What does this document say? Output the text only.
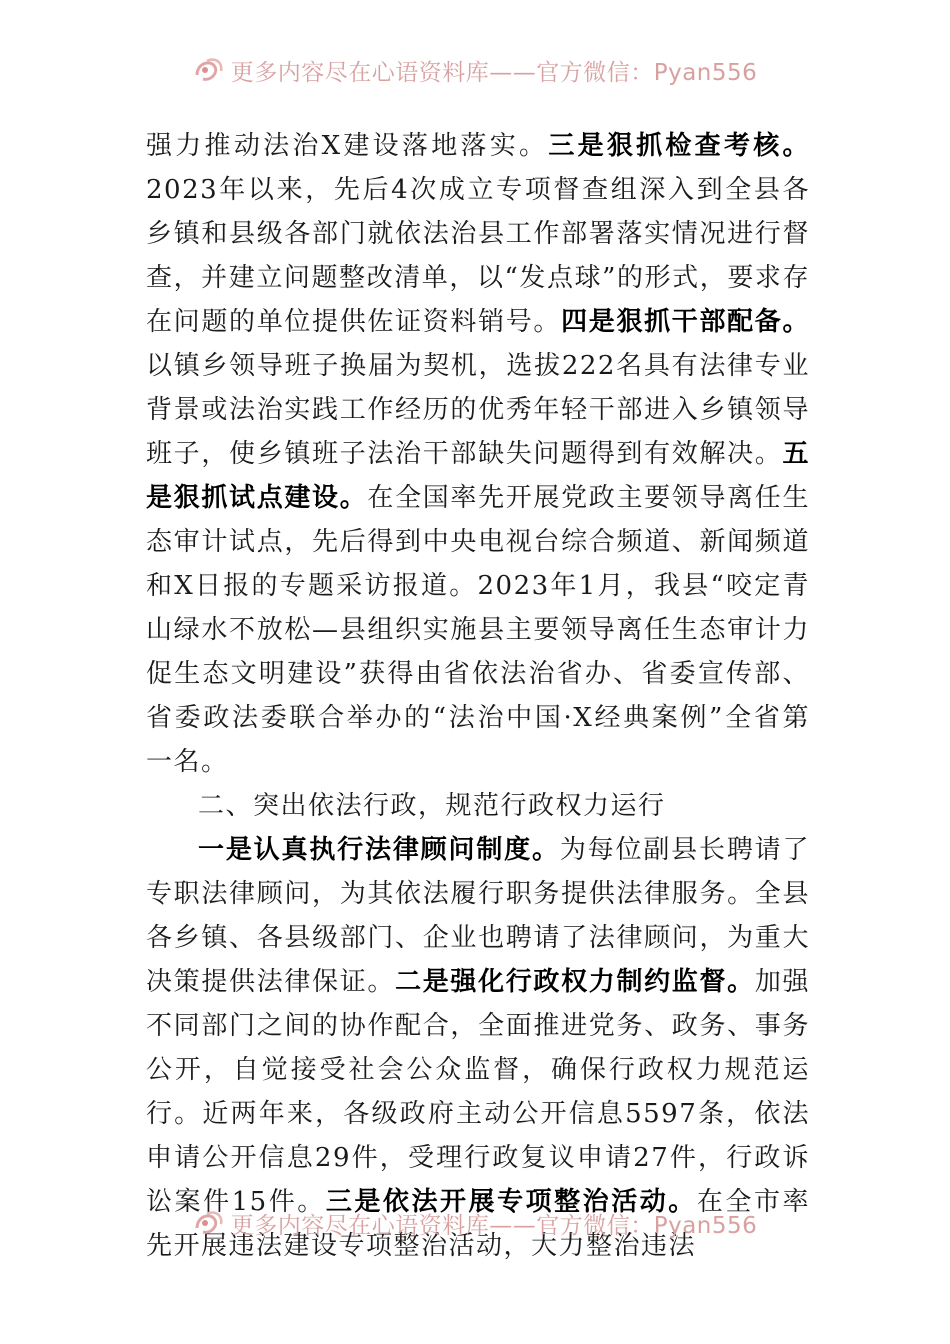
更多内容尽在心语资料库——官方微信：Pyan556

强力推动法治X建设落地落实。三是狠抓检查考核。2023年以来，先后4次成立专项督查组深入到全县各乡镇和县级各部门就依法治县工作部署落实情况进行督查，并建立问题整改清单，以“发点球”的形式，要求存在问题的单位提供佐证资料销号。四是狠抓干部配备。以镇乡领导班子换届为契机，选拔222名具有法律专业背景或法治实践工作经历的优秀年轻干部进入乡镇领导班子，使乡镇班子法治干部缺失问题得到有效解决。五是狠抓试点建设。在全国率先开展党政主要领导离任生态审计试点，先后得到中央电视台综合频道、新闻频道和X日报的专题采访报道。2023年1月，我县“咬定青山绿水不放松—县组织实施县主要领导离任生态审计力促生态文明建设”获得由省依法治省办、省委宣传部、省委政法委联合举办的“法治中国·X经典案例”全省第一名。

二、突出依法行政，规范行政权力运行

一是认真执行法律顾问制度。为每位副县长聘请了专职法律顾问，为其依法履行职务提供法律服务。全县各乡镇、各县级部门、企业也聘请了法律顾问，为重大决策提供法律保证。二是强化行政权力制约监督。加强不同部门之间的协作配合，全面推进党务、政务、事务公开，自觉接受社会公众监督，确保行政权力规范运行。近两年来，各级政府主动公开信息5597条，依法申请公开信息29件，受理行政复议申请27件，行政诉讼案件15件。三是依法开展专项整治活动。在全市率先开展违法建设专项整治活动，大力整治违法

更多内容尽在心语资料库——官方微信：Pyan556
